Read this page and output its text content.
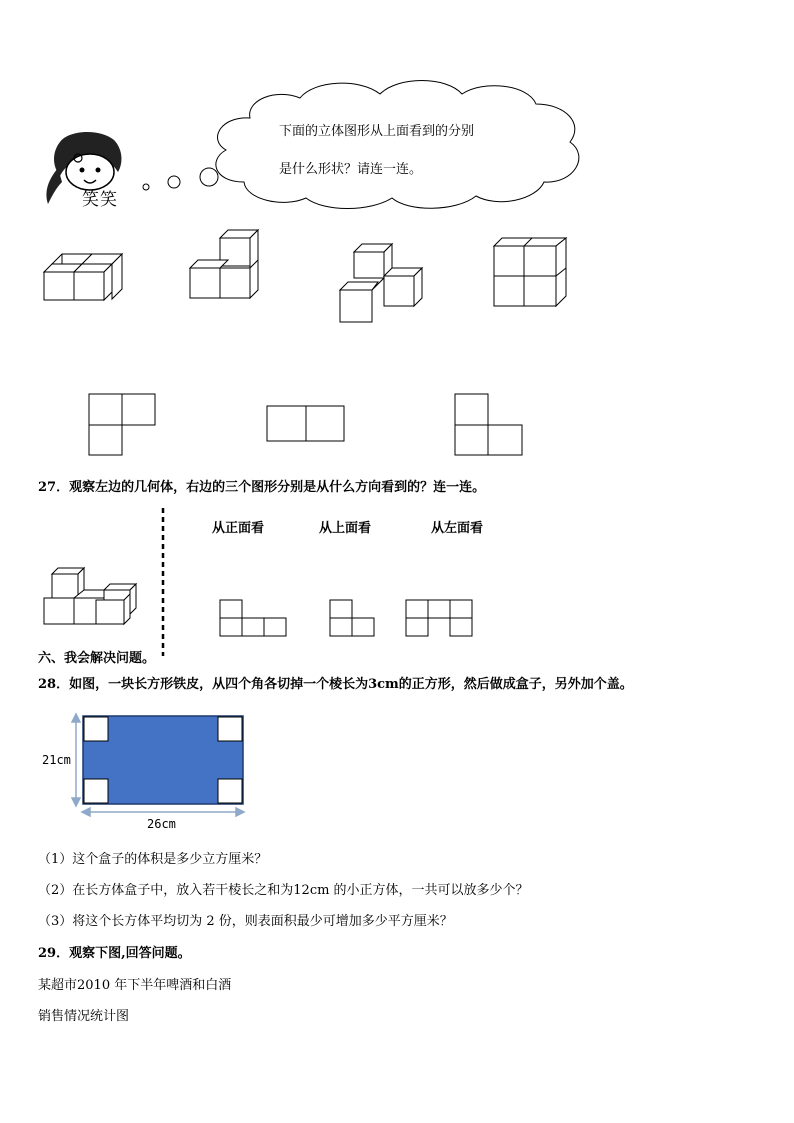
笑笑
下面的立体图形从上面看到的分别
是什么形状？请连一连。
27．观察左边的几何体，右边的三个图形分别是从什么方向看到的？连一连。
从正面看	从上面看	从左面看
六、我会解决问题。
28．如图，一块长方形铁皮，从四个角各切掉一个棱长为3cm的正方形，然后做成盒子，另外加个盖。
21cm
26cm
（1）这个盒子的体积是多少立方厘米？
（2）在长方体盒子中，放入若干棱长之和为12cm 的小正方体，一共可以放多少个？
（3）将这个长方体平均切为 2 份，则表面积最少可增加多少平方厘米？
29．观察下图,回答问题。
某超市2010 年下半年啤酒和白酒
销售情况统计图
